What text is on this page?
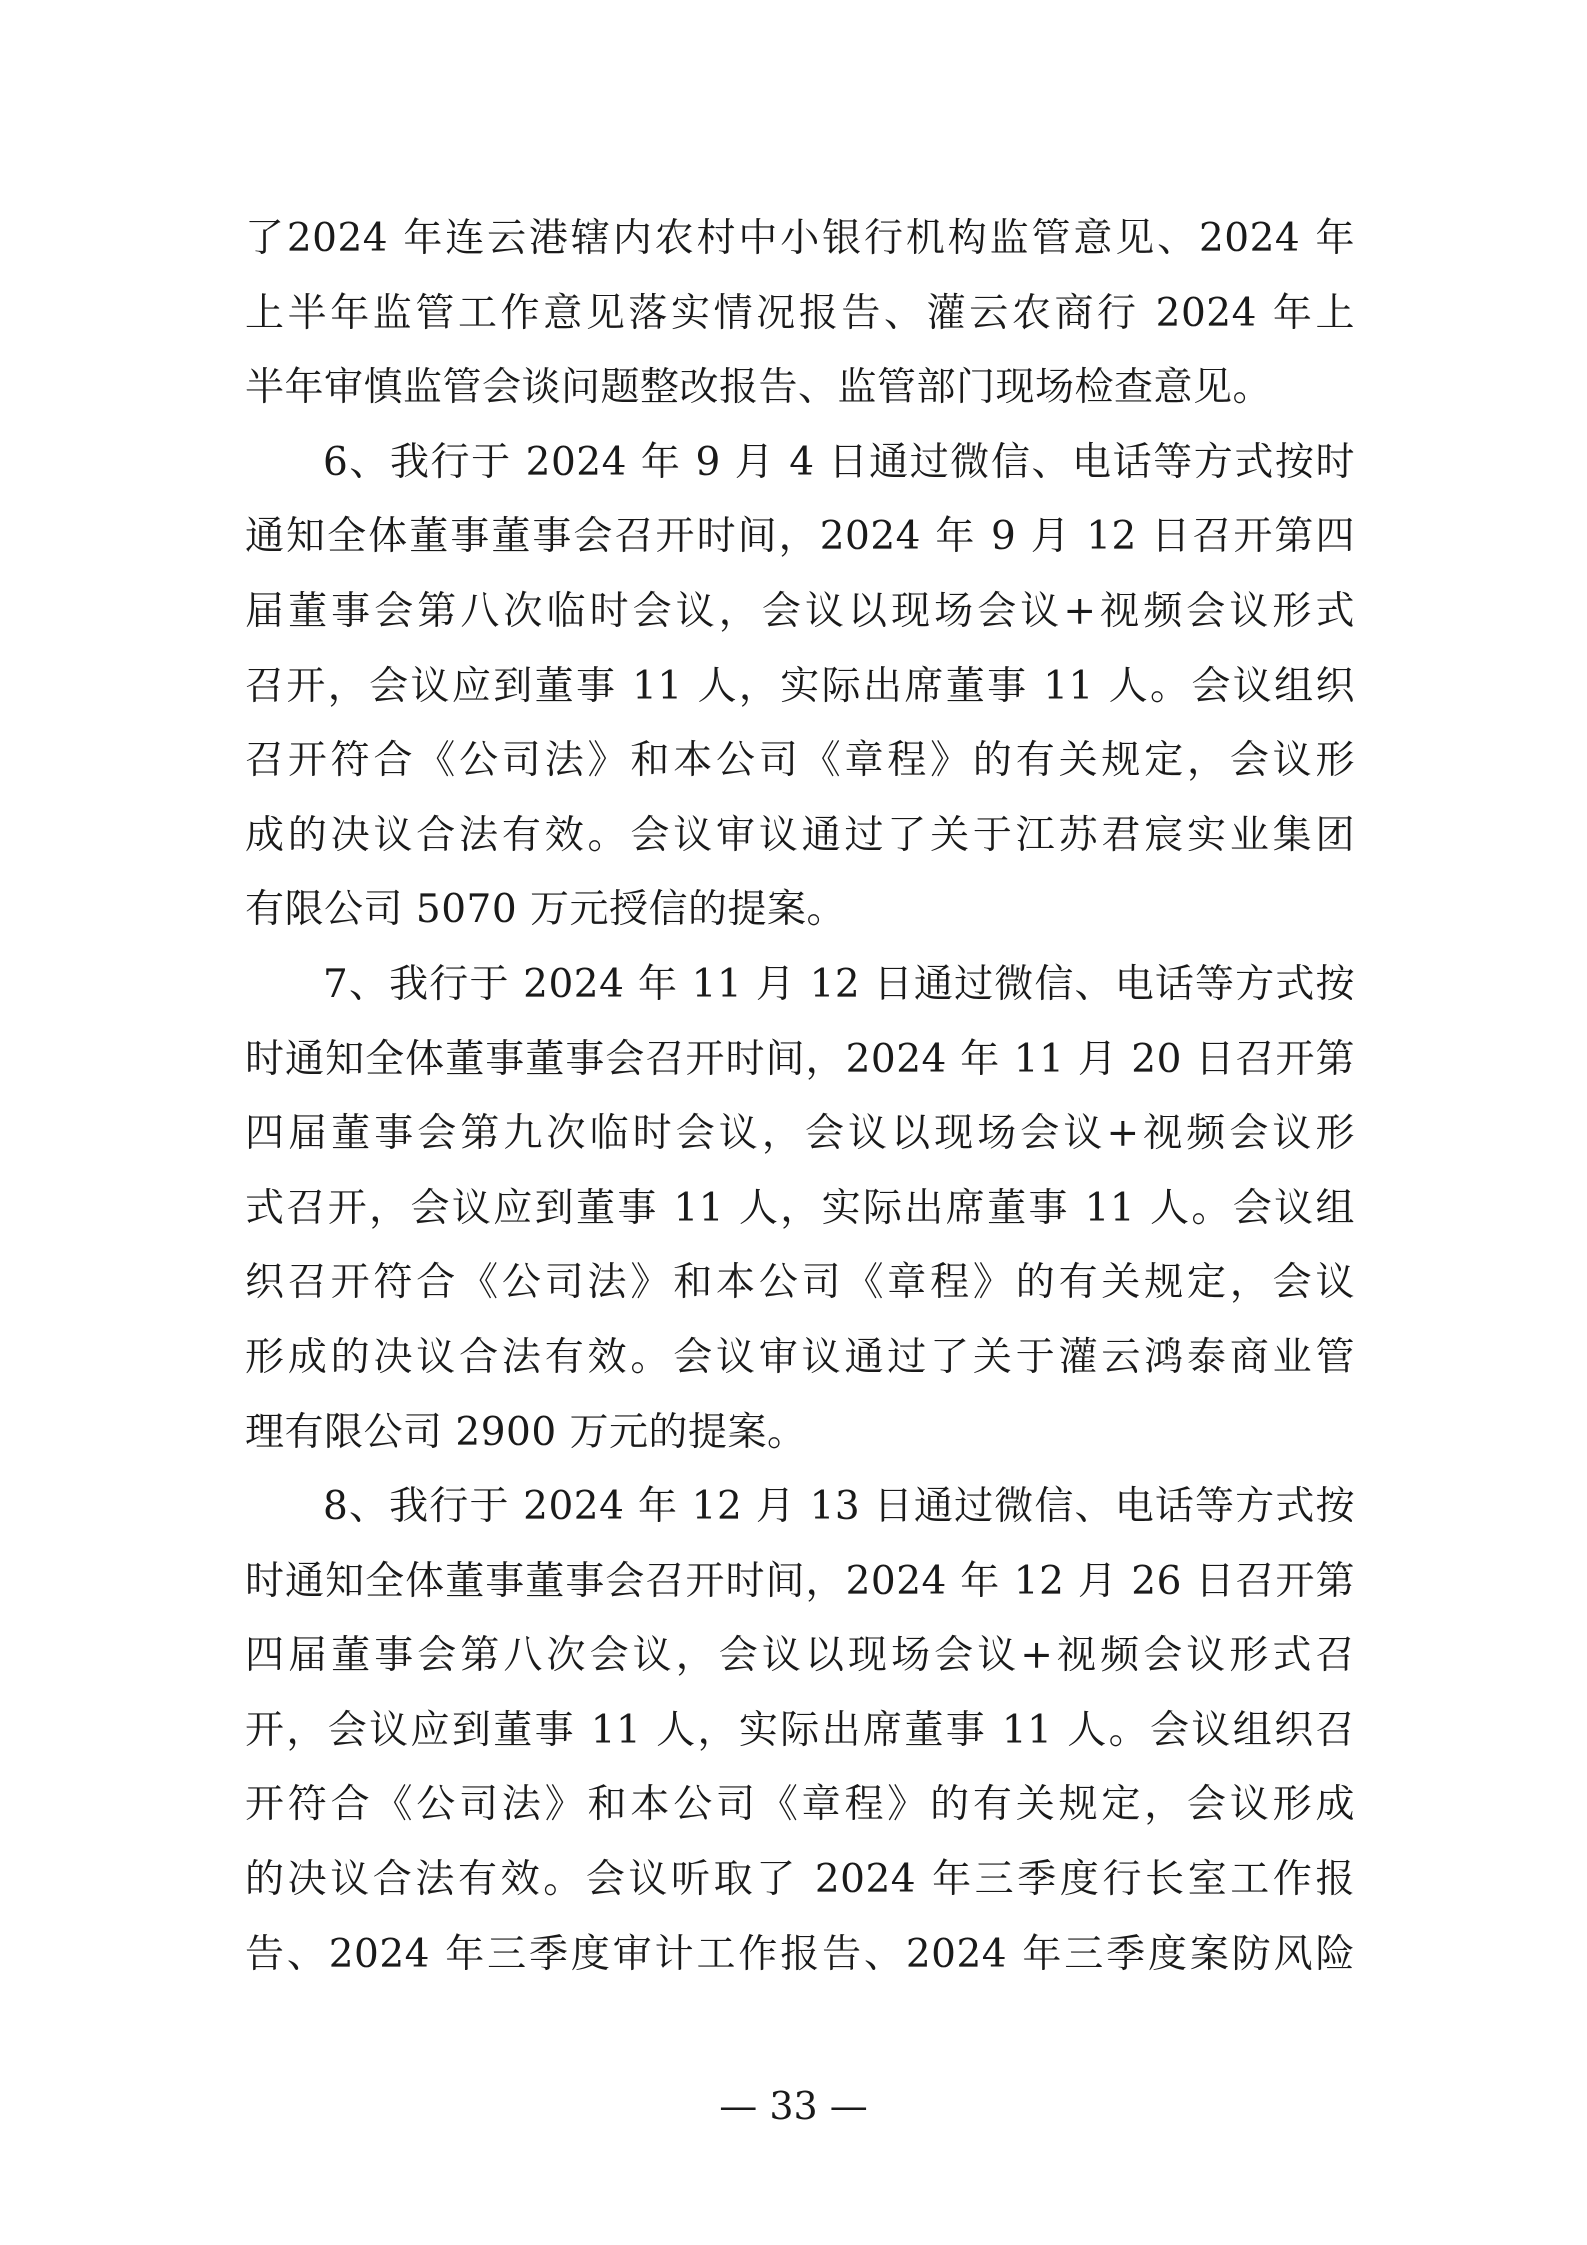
了2024 年连云港辖内农村中小银行机构监管意见、2024 年
上半年监管工作意见落实情况报告、灌云农商行 2024 年上
半年审慎监管会谈问题整改报告、监管部门现场检查意见。
6、我行于 2024 年 9 月 4 日通过微信、电话等方式按时
通知全体董事董事会召开时间，2024 年 9 月 12 日召开第四
届董事会第八次临时会议，会议以现场会议+视频会议形式
召开，会议应到董事 11 人，实际出席董事 11 人。会议组织
召开符合《公司法》和本公司《章程》的有关规定，会议形
成的决议合法有效。会议审议通过了关于江苏君宸实业集团
有限公司 5070 万元授信的提案。
7、我行于 2024 年 11 月 12 日通过微信、电话等方式按
时通知全体董事董事会召开时间，2024 年 11 月 20 日召开第
四届董事会第九次临时会议，会议以现场会议+视频会议形
式召开，会议应到董事 11 人，实际出席董事 11 人。会议组
织召开符合《公司法》和本公司《章程》的有关规定，会议
形成的决议合法有效。会议审议通过了关于灌云鸿泰商业管
理有限公司 2900 万元的提案。
8、我行于 2024 年 12 月 13 日通过微信、电话等方式按
时通知全体董事董事会召开时间，2024 年 12 月 26 日召开第
四届董事会第八次会议，会议以现场会议+视频会议形式召
开，会议应到董事 11 人，实际出席董事 11 人。会议组织召
开符合《公司法》和本公司《章程》的有关规定，会议形成
的决议合法有效。会议听取了 2024 年三季度行长室工作报
告、2024 年三季度审计工作报告、2024 年三季度案防风险
— 33 —
